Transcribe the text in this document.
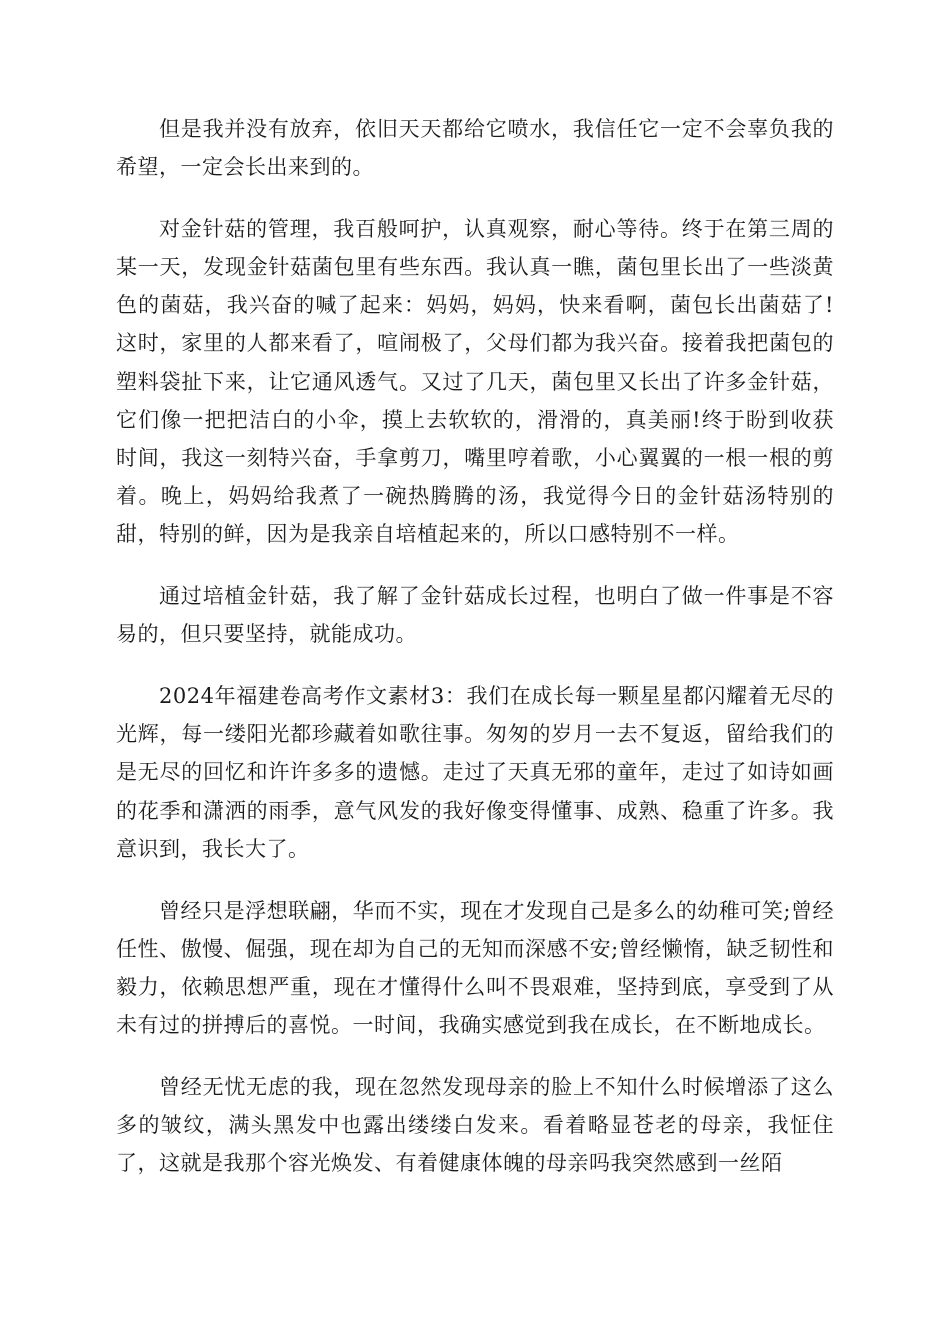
但是我并没有放弃，依旧天天都给它喷水，我信任它一定不会辜负我的希望，一定会长出来到的。

对金针菇的管理，我百般呵护，认真观察，耐心等待。终于在第三周的某一天，发现金针菇菌包里有些东西。我认真一瞧，菌包里长出了一些淡黄色的菌菇，我兴奋的喊了起来：妈妈，妈妈，快来看啊，菌包长出菌菇了!这时，家里的人都来看了，喧闹极了，父母们都为我兴奋。接着我把菌包的塑料袋扯下来，让它通风透气。又过了几天，菌包里又长出了许多金针菇，它们像一把把洁白的小伞，摸上去软软的，滑滑的，真美丽!终于盼到收获时间，我这一刻特兴奋，手拿剪刀，嘴里哼着歌，小心翼翼的一根一根的剪着。晚上，妈妈给我煮了一碗热腾腾的汤，我觉得今日的金针菇汤特别的甜，特别的鲜，因为是我亲自培植起来的，所以口感特别不一样。

通过培植金针菇，我了解了金针菇成长过程，也明白了做一件事是不容易的，但只要坚持，就能成功。

2024年福建卷高考作文素材3：我们在成长每一颗星星都闪耀着无尽的光辉，每一缕阳光都珍藏着如歌往事。匆匆的岁月一去不复返，留给我们的是无尽的回忆和许许多多的遗憾。走过了天真无邪的童年，走过了如诗如画的花季和潇洒的雨季，意气风发的我好像变得懂事、成熟、稳重了许多。我意识到，我长大了。

曾经只是浮想联翩，华而不实，现在才发现自己是多么的幼稚可笑;曾经任性、傲慢、倔强，现在却为自己的无知而深感不安;曾经懒惰，缺乏韧性和毅力，依赖思想严重，现在才懂得什么叫不畏艰难，坚持到底，享受到了从未有过的拼搏后的喜悦。一时间，我确实感觉到我在成长，在不断地成长。

曾经无忧无虑的我，现在忽然发现母亲的脸上不知什么时候增添了这么多的皱纹，满头黑发中也露出缕缕白发来。看着略显苍老的母亲，我怔住了，这就是我那个容光焕发、有着健康体魄的母亲吗我突然感到一丝陌
